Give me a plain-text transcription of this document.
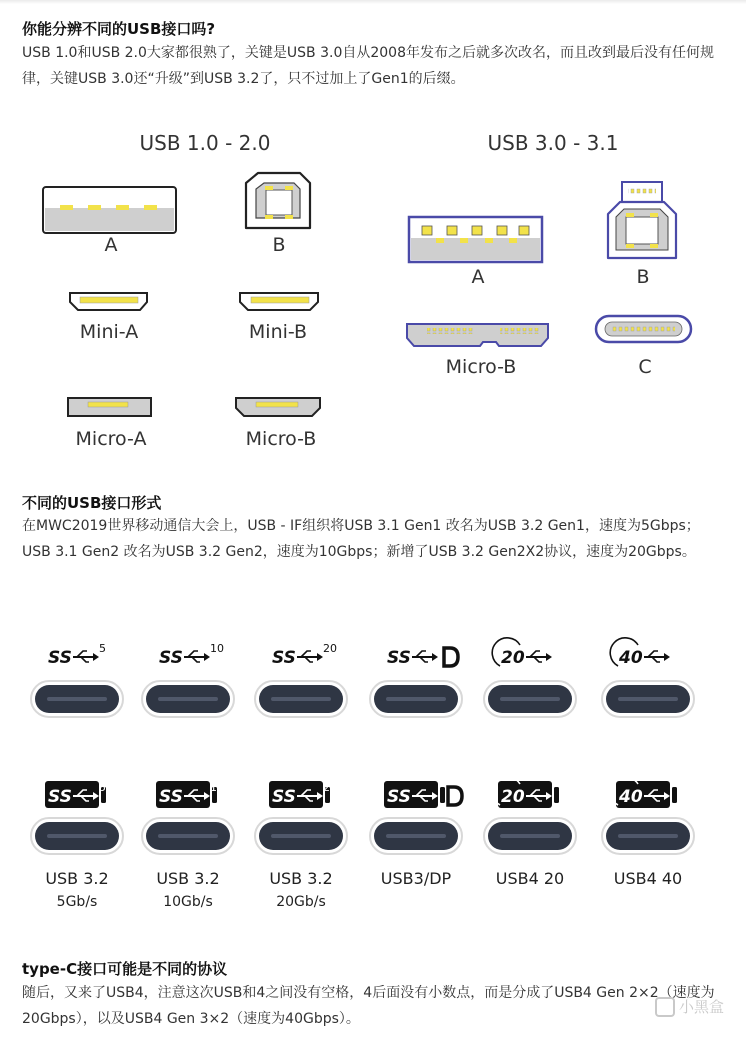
你能分辨不同的USB接口吗?
USB 1.0和USB 2.0大家都很熟了，关键是USB 3.0自从2008年发布之后就多次改名，而且改到最后没有任何规律，关键USB 3.0还“升级”到USB 3.2了，只不过加上了Gen1的后缀。
USB 1.0 - 2.0
A	B
Mini-A	Mini-B
Micro-A	Micro-B
USB 3.0 - 3.1
A	B
Micro-B	C
不同的USB接口形式
在MWC2019世界移动通信大会上，USB - IF组织将USB 3.1 Gen1 改名为USB 3.2 Gen1，速度为5Gbps；USB 3.1 Gen2 改名为USB 3.2 Gen2，速度为10Gbps；新增了USB 3.2 Gen2X2协议，速度为20Gbps。
SS 5	SS 10	SS 20	SS	20	40
SS 5	SS 10	SS 20	SS	20	40
USB 3.2
5Gb/s
USB 3.2
10Gb/s
USB 3.2
20Gb/s
USB3/DP	USB4 20	USB4 40
type-C接口可能是不同的协议
随后，又来了USB4，注意这次USB和4之间没有空格，4后面没有小数点，而是分成了USB4 Gen 2×2（速度为20Gbps），以及USB4 Gen 3×2（速度为40Gbps）。
小黑盒
